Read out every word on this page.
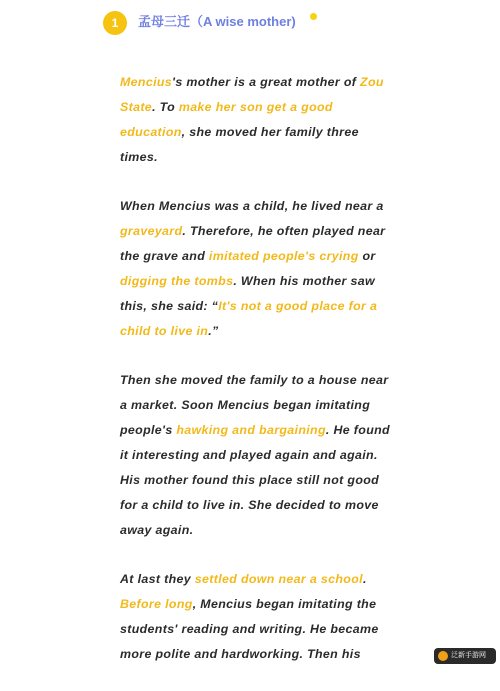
1	孟母三迁（A wise mother)

Mencius's mother is a great mother of Zou State. To make her son get a good education, she moved her family three times.

When Mencius was a child, he lived near a graveyard. Therefore, he often played near the grave and imitated people's crying or digging the tombs. When his mother saw this, she said: “It's not a good place for a child to live in.”

Then she moved the family to a house near a market. Soon Mencius began imitating people's hawking and bargaining. He found it interesting and played again and again. His mother found this place still not good for a child to live in. She decided to move away again.

At last they settled down near a school. Before long, Mencius began imitating the students' reading and writing. He became more polite and hardworking. Then his	泛新手游网
